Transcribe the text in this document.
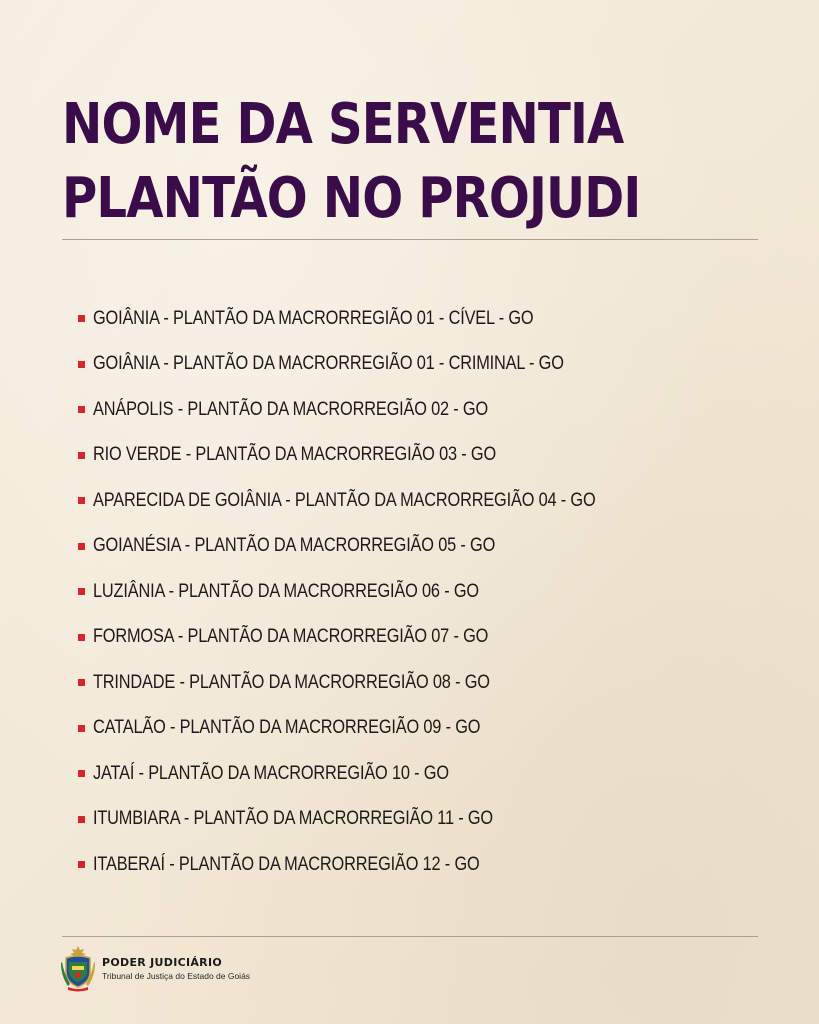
NOME DA SERVENTIA
PLANTÃO NO PROJUDI
GOIÂNIA - PLANTÃO DA MACRORREGIÃO 01 - CÍVEL - GO
GOIÂNIA - PLANTÃO DA MACRORREGIÃO 01 - CRIMINAL - GO
ANÁPOLIS - PLANTÃO DA MACRORREGIÃO 02 - GO
RIO VERDE - PLANTÃO DA MACRORREGIÃO 03 - GO
APARECIDA DE GOIÂNIA - PLANTÃO DA MACRORREGIÃO 04 - GO
GOIANÉSIA - PLANTÃO DA MACRORREGIÃO 05 - GO
LUZIÂNIA - PLANTÃO DA MACRORREGIÃO 06 - GO
FORMOSA - PLANTÃO DA MACRORREGIÃO 07 - GO
TRINDADE - PLANTÃO DA MACRORREGIÃO 08 - GO
CATALÃO - PLANTÃO DA MACRORREGIÃO 09 - GO
JATAÍ - PLANTÃO DA MACRORREGIÃO 10 - GO
ITUMBIARA - PLANTÃO DA MACRORREGIÃO 11 - GO
ITABERAÍ - PLANTÃO DA MACRORREGIÃO 12 - GO
PODER JUDICIÁRIO
Tribunal de Justiça do Estado de Goiás
